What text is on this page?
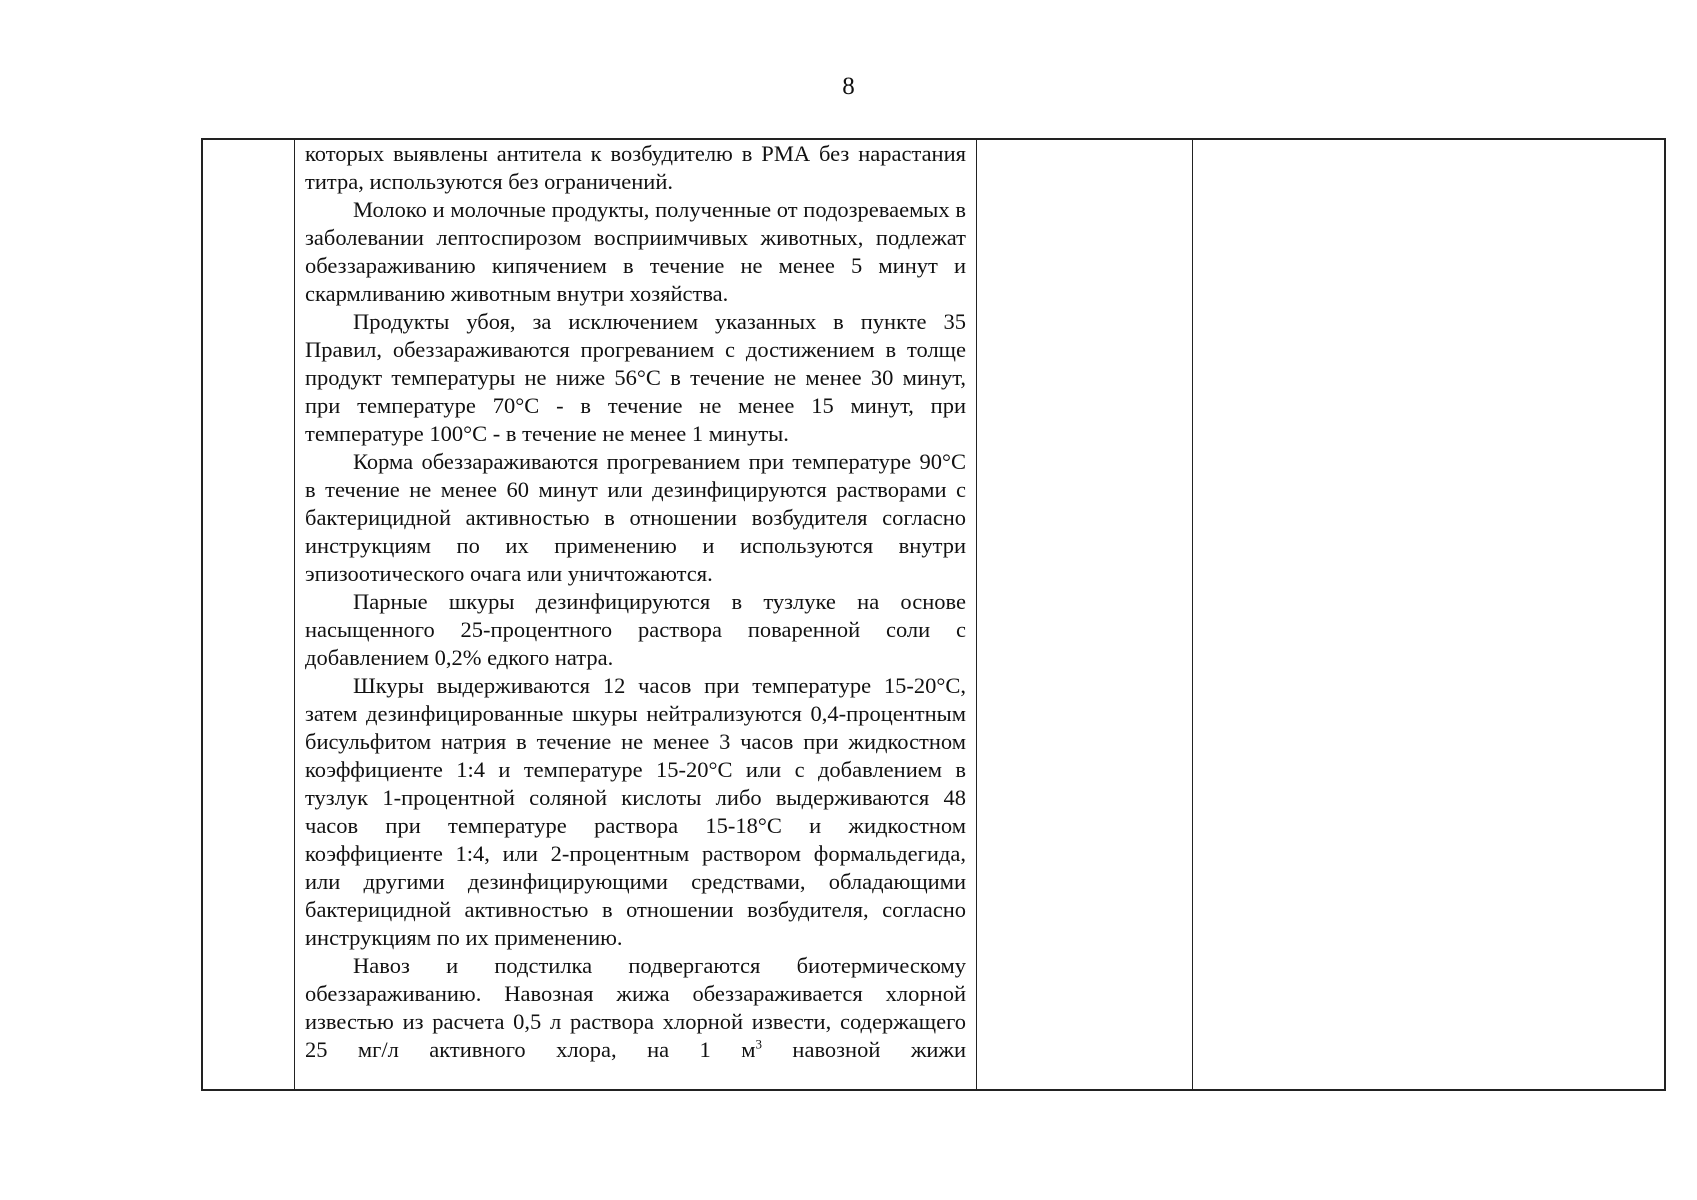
8

которых выявлены антитела к возбудителю в РМА без нарастания титра, используются без ограничений.

Молоко и молочные продукты, полученные от подозреваемых в заболевании лептоспирозом восприимчивых животных, подлежат обеззараживанию кипячением в течение не менее 5 минут и скармливанию животным внутри хозяйства.

Продукты убоя, за исключением указанных в пункте 35 Правил, обеззараживаются прогреванием с достижением в толще продукт температуры не ниже 56°С в течение не менее 30 минут, при температуре 70°С - в течение не менее 15 минут, при температуре 100°С - в течение не менее 1 минуты.

Корма обеззараживаются прогреванием при температуре 90°С в течение не менее 60 минут или дезинфицируются растворами с бактерицидной активностью в отношении возбудителя согласно инструкциям по их применению и используются внутри эпизоотического очага или уничтожаются.

Парные шкуры дезинфицируются в тузлуке на основе насыщенного 25-процентного раствора поваренной соли с добавлением 0,2% едкого натра.

Шкуры выдерживаются 12 часов при температуре 15-20°С, затем дезинфицированные шкуры нейтрализуются 0,4-процентным бисульфитом натрия в течение не менее 3 часов при жидкостном коэффициенте 1:4 и температуре 15-20°С или с добавлением в тузлук 1-процентной соляной кислоты либо выдерживаются 48 часов при температуре раствора 15-18°С и жидкостном коэффициенте 1:4, или 2-процентным раствором формальдегида, или другими дезинфицирующими средствами, обладающими бактерицидной активностью в отношении возбудителя, согласно инструкциям по их применению.

Навоз и подстилка подвергаются биотермическому обеззараживанию. Навозная жижа обеззараживается хлорной известью из расчета 0,5 л раствора хлорной извести, содержащего 25 мг/л активного хлора, на 1 $м^3$ навозной жижи
